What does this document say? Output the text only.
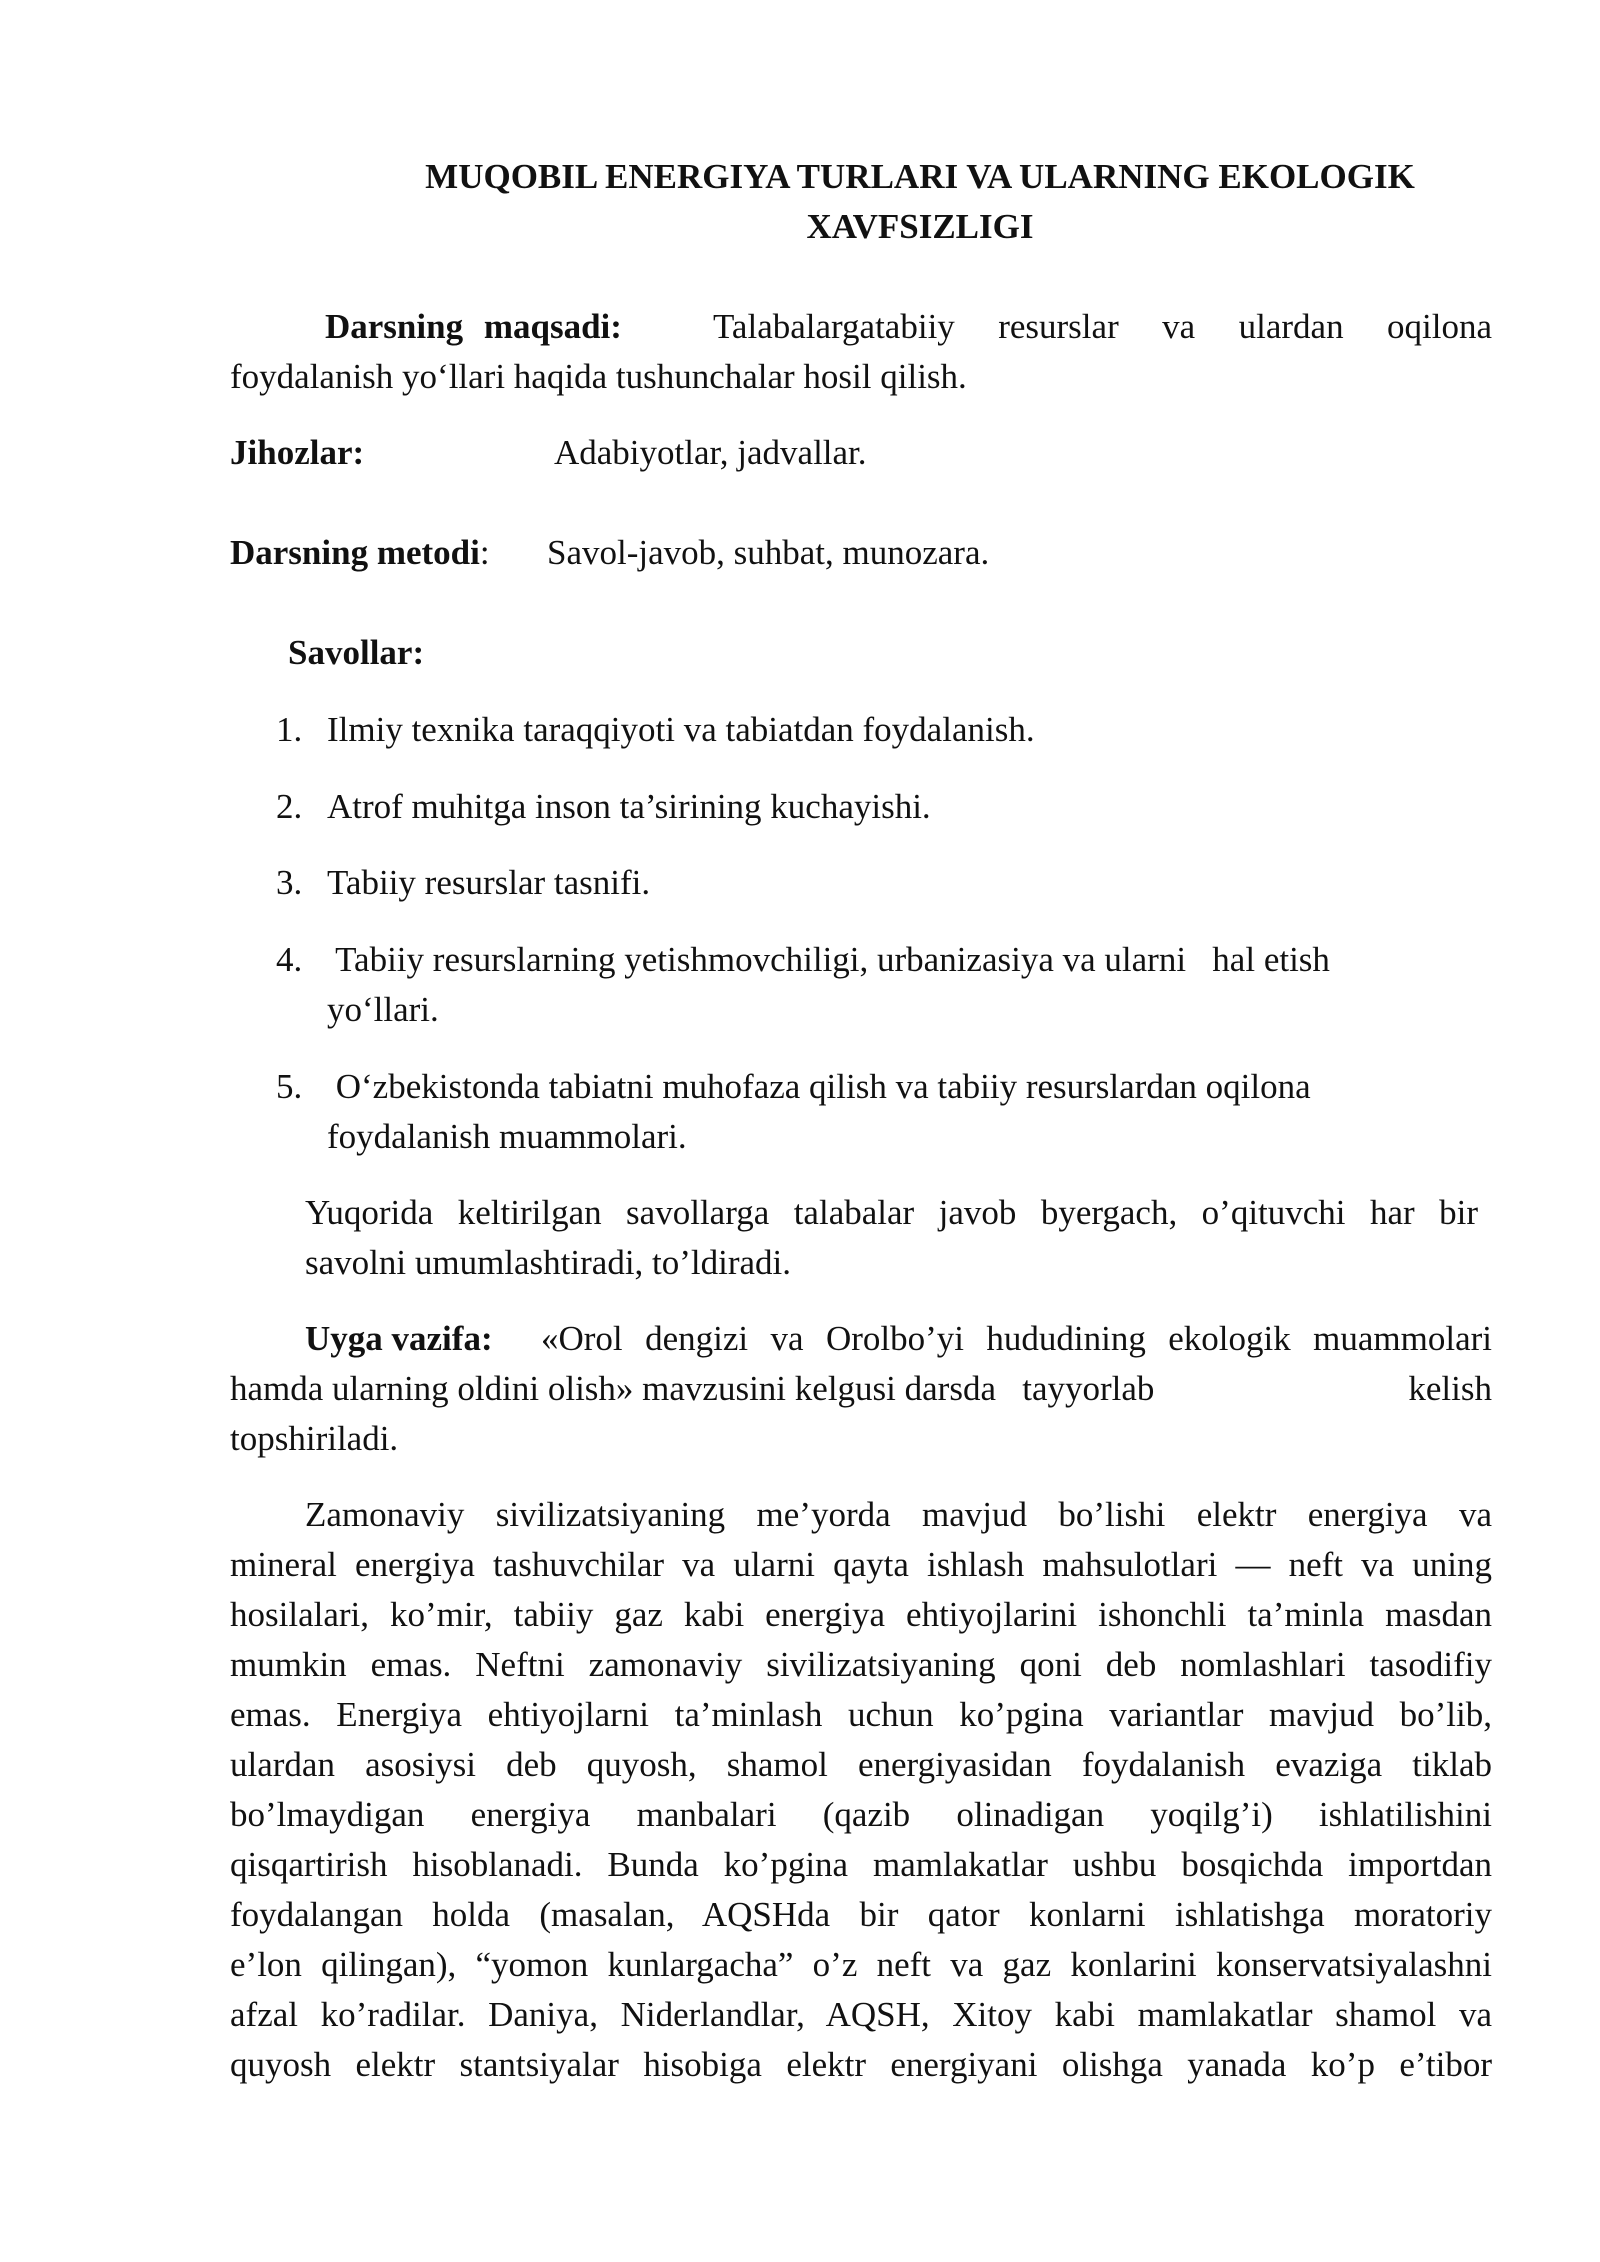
MUQOBIL ENERGIYA TURLARI VA ULARNING EKOLOGIK
XAVFSIZLIGI
Darsning maqsadi:	Talabalargatabiiy resurslar va ulardan oqilona
foydalanish yo‘llari haqida tushunchalar hosil qilish.
Jihozlar:	Adabiyotlar, jadvallar.
Darsning metodi: Savol-javob, suhbat, munozara.
Savollar:
1. Ilmiy texnika taraqqiyoti va tabiatdan foydalanish.
2. Atrof muhitga inson ta’sirining kuchayishi.
3. Tabiiy resurslar tasnifi.
4. Tabiiy resurslarning yetishmovchiligi, urbanizasiya va ularni   hal etish
yo‘llari.
5. O‘zbekistonda tabiatni muhofaza qilish va tabiiy resurslardan oqilona
foydalanish muammolari.
Yuqorida keltirilgan savollarga talabalar javob byergach, o’qituvchi har bir
savolni umumlashtiradi, to’ldiradi.
Uyga vazifa: «Orol dengizi va Orolbo’yi hududining ekologik muammolari
hamda ularning oldini olish» mavzusini kelgusi darsda   tayyorlab	kelish
topshiriladi.
Zamonaviy sivilizatsiyaning me’yorda mavjud bo’lishi elektr energiya va
mineral energiya tashuvchilar va ularni qayta ishlash mahsulotlari — neft va uning
hosilalari, ko’mir, tabiiy gaz kabi energiya ehtiyojlarini ishonchli ta’minla masdan
mumkin emas. Neftni zamonaviy sivilizatsiyaning qoni deb nomlashlari tasodifiy
emas. Energiya ehtiyojlarni ta’minlash uchun ko’pgina variantlar mavjud bo’lib,
ulardan asosiysi deb quyosh, shamol energiyasidan foydalanish evaziga tiklab
bo’lmaydigan energiya manbalari (qazib olinadigan yoqilg’i) ishlatilishini
qisqartirish hisoblanadi. Bunda ko’pgina mamlakatlar ushbu bosqichda importdan
foydalangan holda (masalan, AQSHda bir qator konlarni ishlatishga moratoriy
e’lon qilingan), “yomon kunlargacha” o’z neft va gaz konlarini konservatsiyalashni
afzal ko’radilar. Daniya, Niderlandlar, AQSH, Xitoy kabi mamlakatlar shamol va
quyosh elektr stantsiyalar hisobiga elektr energiyani olishga yanada ko’p e’tibor
